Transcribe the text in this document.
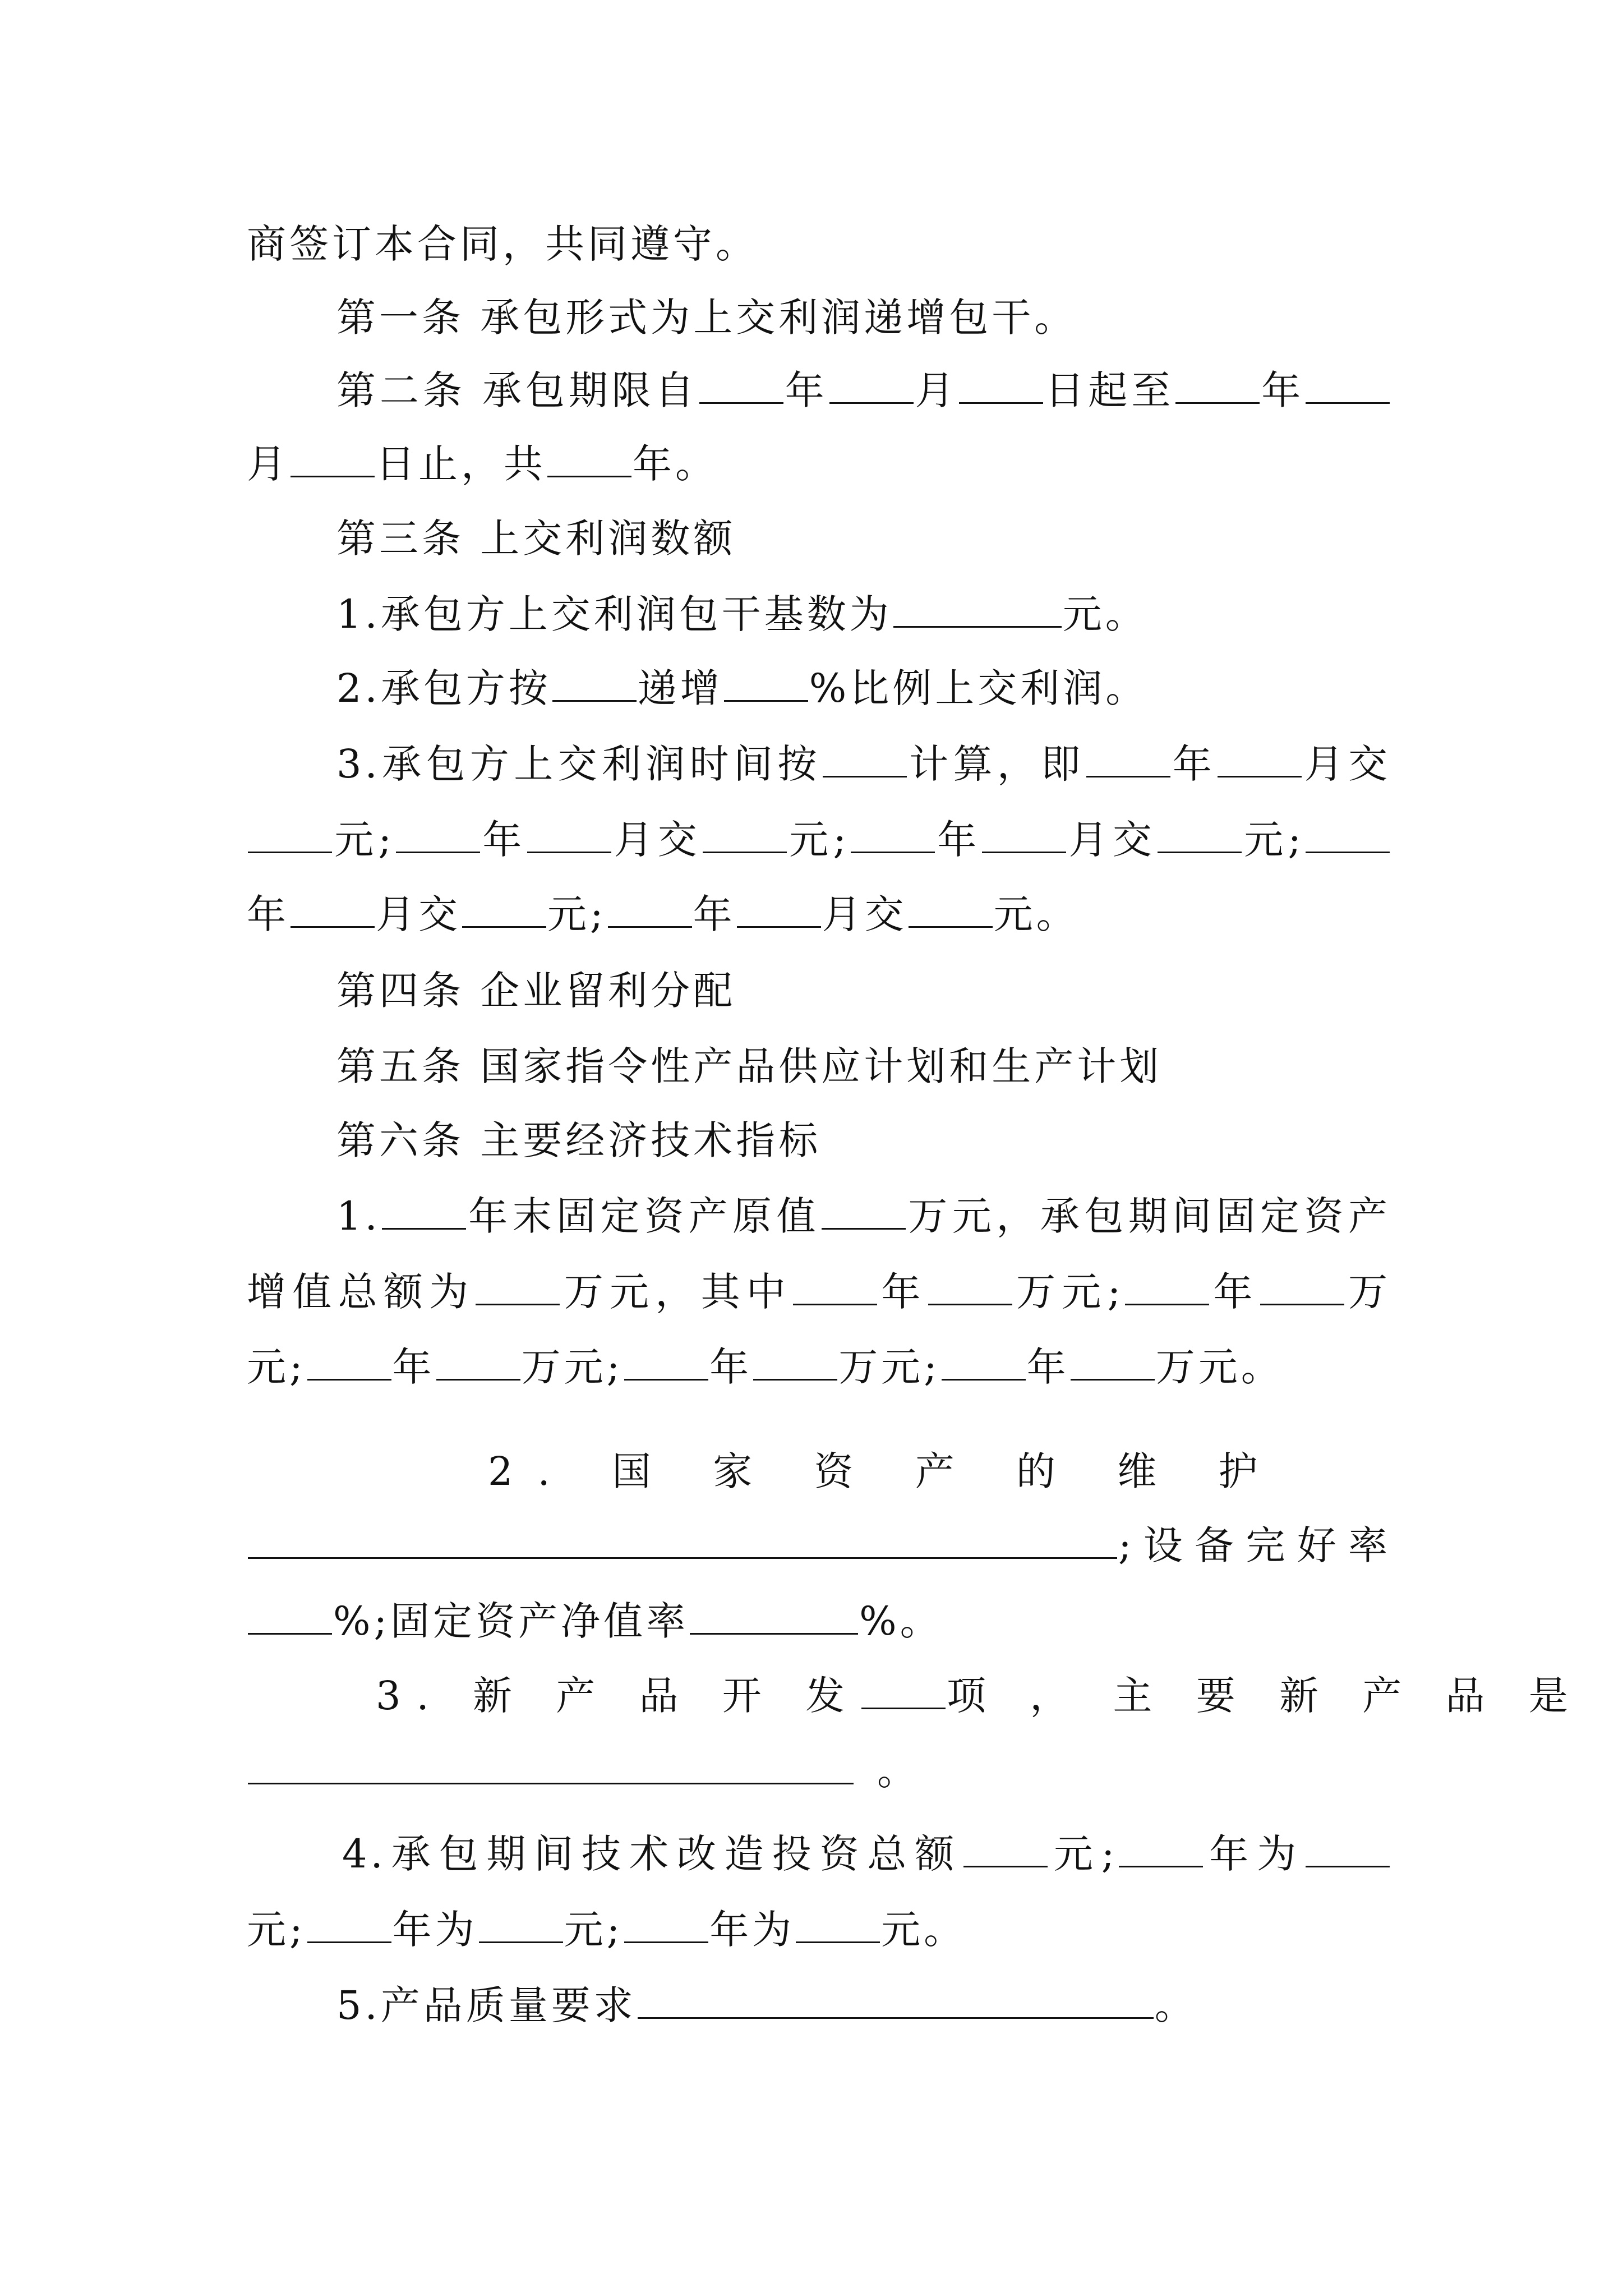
商签订本合同，共同遵守。
第一条 承包形式为上交利润递增包干。
第二条 承包期限自 年 月 日起至 年
月 日止，共 年。
第三条 上交利润数额
1.承包方上交利润包干基数为	元。
2.承包方按 递增 %比例上交利润。
3.承包方上交利润时间按 计算，即 年 月交
元; 年 月交 元; 年 月交 元;
年 月交 元; 年 月交 元。
第四条 企业留利分配
第五条 国家指令性产品供应计划和生产计划
第六条 主要经济技术指标
1. 年末固定资产原值 万元，承包期间固定资产
增值总额为 万元，其中 年 万元; 年 万
元; 年 万元; 年 万元; 年 万元。
2. 国 家 资 产 的 维 护
;设备完好率
%;固定资产净值率	%。
3. 新 产 品 开 发 项 ， 主 要 新 产 品 是
。
4.承包期间技术改造投资总额 元; 年为
元; 年为 元; 年为 元。
5.产品质量要求	。
